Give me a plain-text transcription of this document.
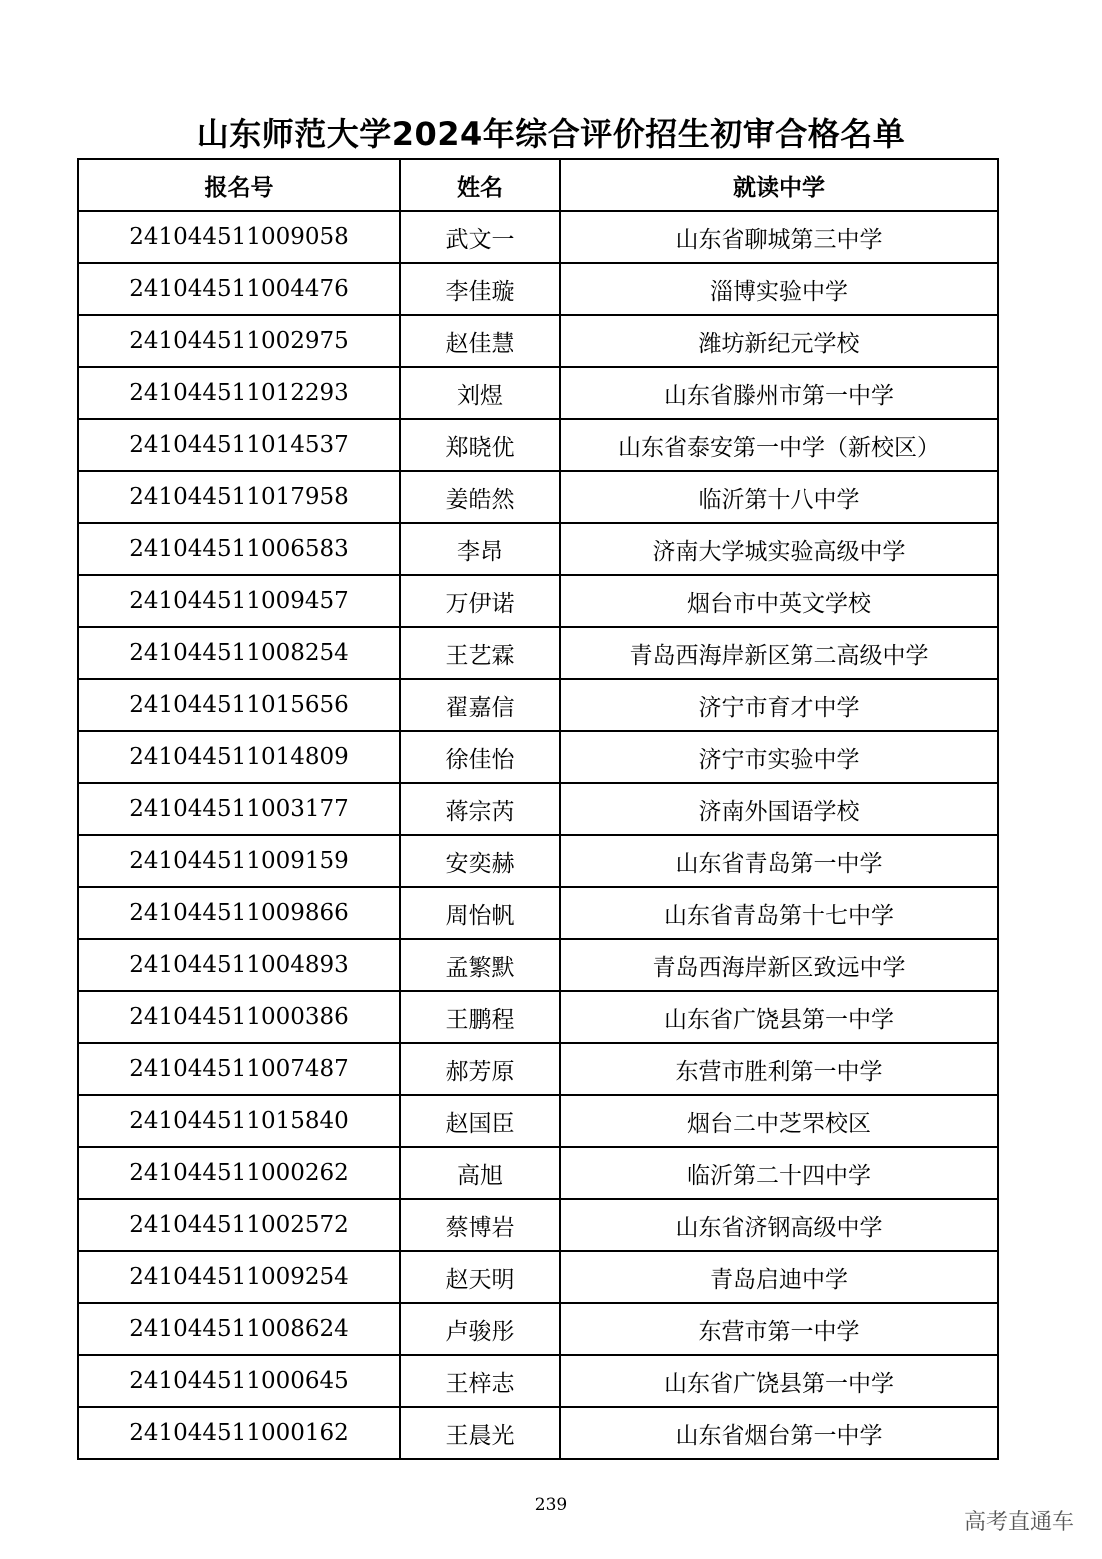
山东师范大学2024年综合评价招生初审合格名单
报名号	姓名	就读中学
241044511009058	武文一	山东省聊城第三中学
241044511004476	李佳璇	淄博实验中学
241044511002975	赵佳慧	潍坊新纪元学校
241044511012293	刘煜	山东省滕州市第一中学
241044511014537	郑晓优	山东省泰安第一中学（新校区）
241044511017958	姜皓然	临沂第十八中学
241044511006583	李昂	济南大学城实验高级中学
241044511009457	万伊诺	烟台市中英文学校
241044511008254	王艺霖	青岛西海岸新区第二高级中学
241044511015656	翟嘉信	济宁市育才中学
241044511014809	徐佳怡	济宁市实验中学
241044511003177	蒋宗芮	济南外国语学校
241044511009159	安奕赫	山东省青岛第一中学
241044511009866	周怡帆	山东省青岛第十七中学
241044511004893	孟繁默	青岛西海岸新区致远中学
241044511000386	王鹏程	山东省广饶县第一中学
241044511007487	郝芳原	东营市胜利第一中学
241044511015840	赵国臣	烟台二中芝罘校区
241044511000262	高旭	临沂第二十四中学
241044511002572	蔡博岩	山东省济钢高级中学
241044511009254	赵天明	青岛启迪中学
241044511008624	卢骏彤	东营市第一中学
241044511000645	王梓志	山东省广饶县第一中学
241044511000162	王晨光	山东省烟台第一中学
239
高考直通车
